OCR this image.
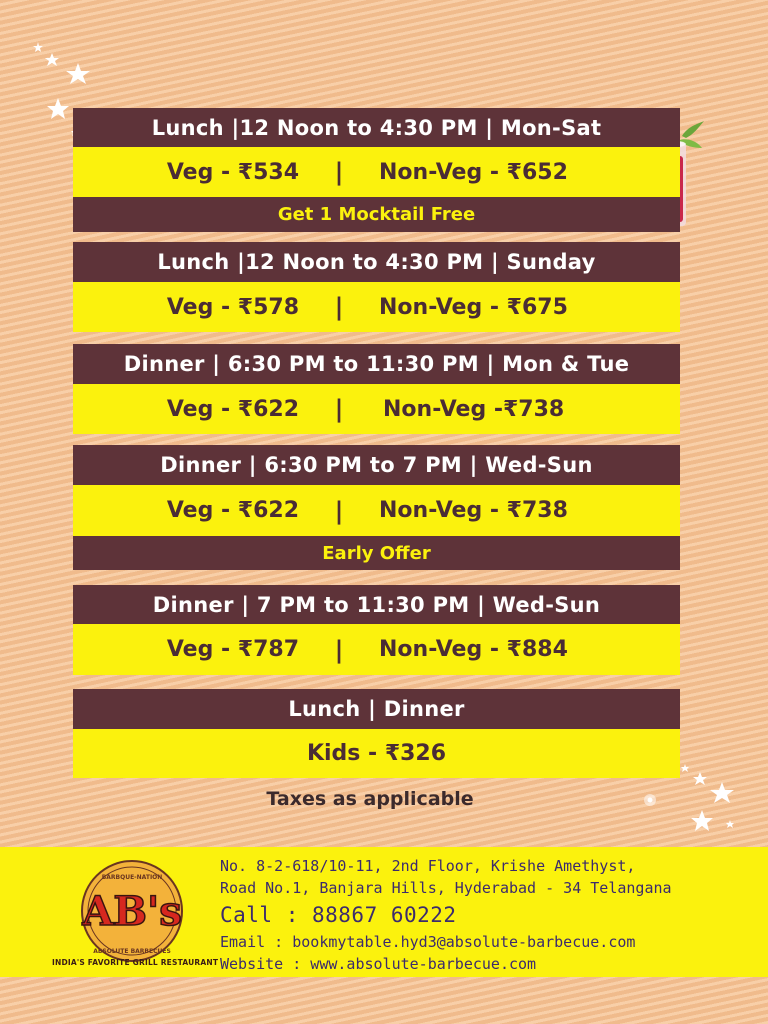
Lunch |12 Noon to 4:30 PM | Mon-Sat
Veg - ₹534	|	Non-Veg - ₹652
Get 1 Mocktail Free
Lunch |12 Noon to 4:30 PM | Sunday
Veg - ₹578	|	Non-Veg - ₹675
Dinner | 6:30 PM to 11:30 PM | Mon & Tue
Veg - ₹622	|	Non-Veg -₹738
Dinner | 6:30 PM to 7 PM | Wed-Sun
Veg - ₹622	|	Non-Veg - ₹738
Early Offer
Dinner | 7 PM to 11:30 PM | Wed-Sun
Veg - ₹787	|	Non-Veg - ₹884
Lunch | Dinner
Kids - ₹326
Taxes as applicable
BARBQUE-NATION
ABSOLUTE BARBECUES
AB's
INDIA'S FAVORITE GRILL RESTAURANT
No. 8-2-618/10-11, 2nd Floor, Krishe Amethyst,
Road No.1, Banjara Hills, Hyderabad - 34 Telangana
Call : 88867 60222
Email : bookmytable.hyd3@absolute-barbecue.com
Website : www.absolute-barbecue.com
